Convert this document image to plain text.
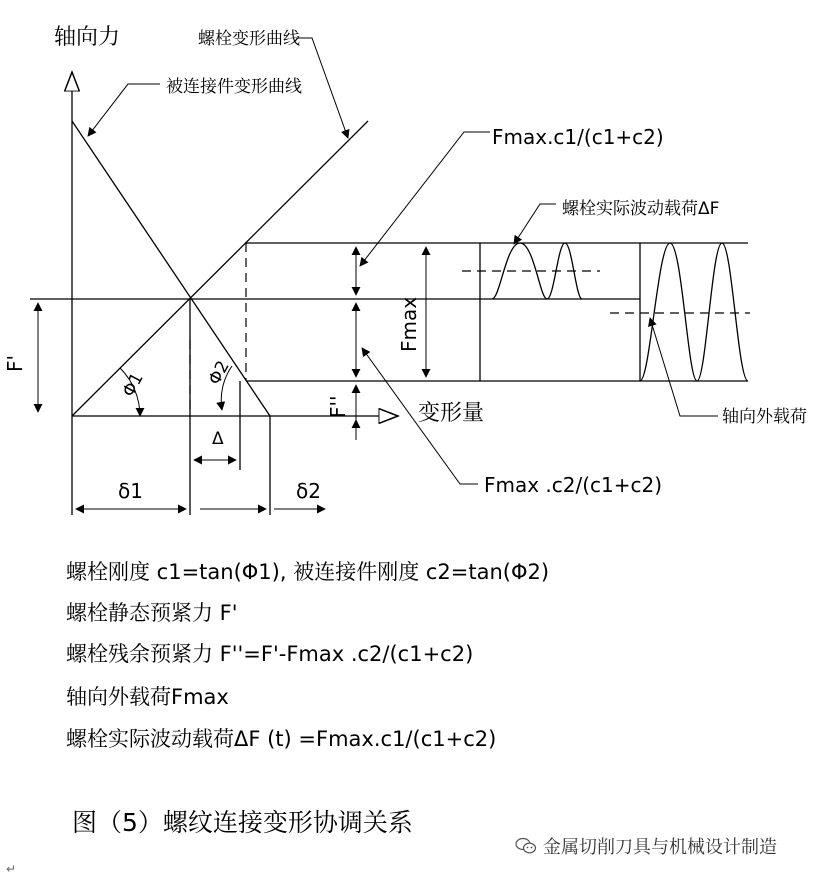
F'
Fmax
F''
Δ
δ1	δ2
Φ1	Φ2
轴向力	螺栓变形曲线
被连接件变形曲线
Fmax.c1/(c1+c2)
螺栓实际波动载荷ΔF
变形量	轴向外载荷
Fmax .c2/(c1+c2)
螺栓刚度 c1=tan(Φ1), 被连接件刚度 c2=tan(Φ2)
螺栓静态预紧力 F'
螺栓残余预紧力 F''=F'-Fmax .c2/(c1+c2)
轴向外载荷Fmax
螺栓实际波动载荷ΔF (t) =Fmax.c1/(c1+c2)
图（5）螺纹连接变形协调关系
金属切削刀具与机械设计制造
↵
